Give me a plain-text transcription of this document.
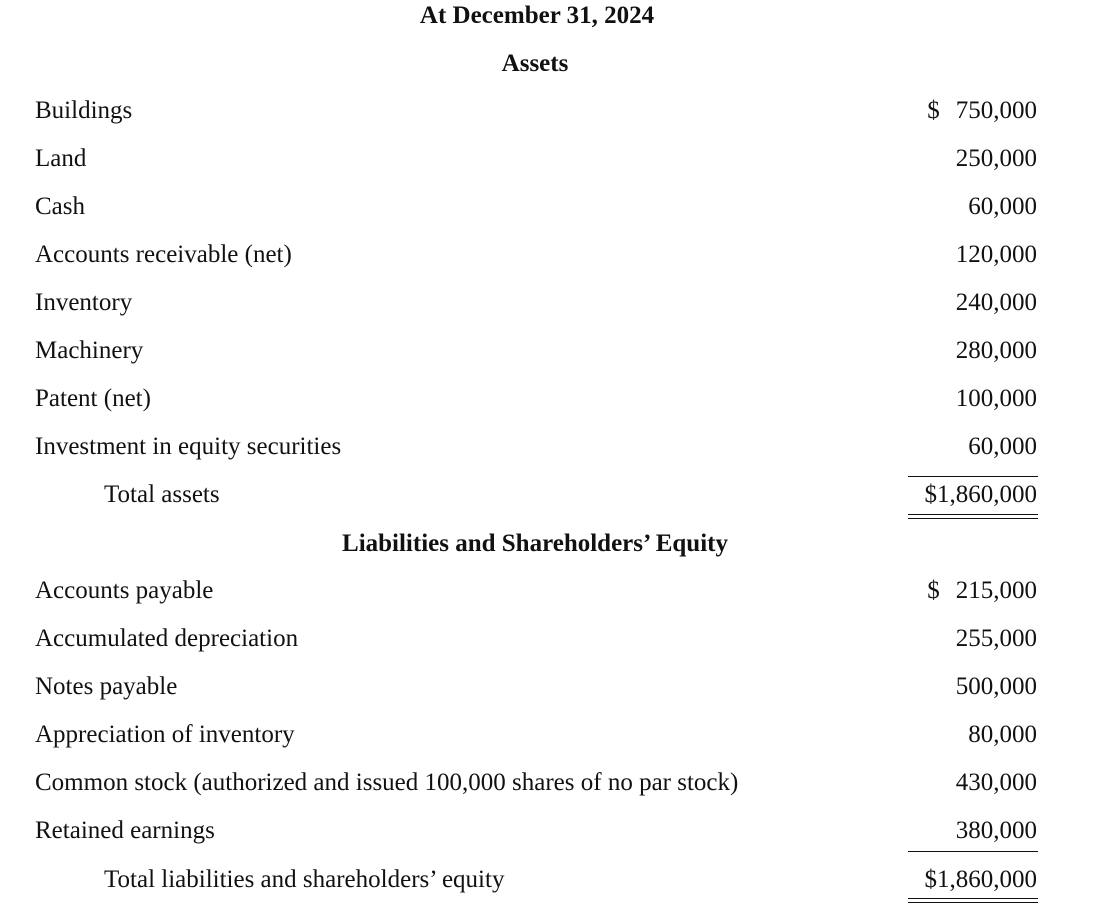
At December 31, 2024
Assets
Buildings	$ 750,000
Land	250,000
Cash	60,000
Accounts receivable (net)	120,000
Inventory	240,000
Machinery	280,000
Patent (net)	100,000
Investment in equity securities	60,000
Total assets	$1,860,000
Liabilities and Shareholders’ Equity
Accounts payable	$ 215,000
Accumulated depreciation	255,000
Notes payable	500,000
Appreciation of inventory	80,000
Common stock (authorized and issued 100,000 shares of no par stock)	430,000
Retained earnings	380,000
Total liabilities and shareholders’ equity	$1,860,000
